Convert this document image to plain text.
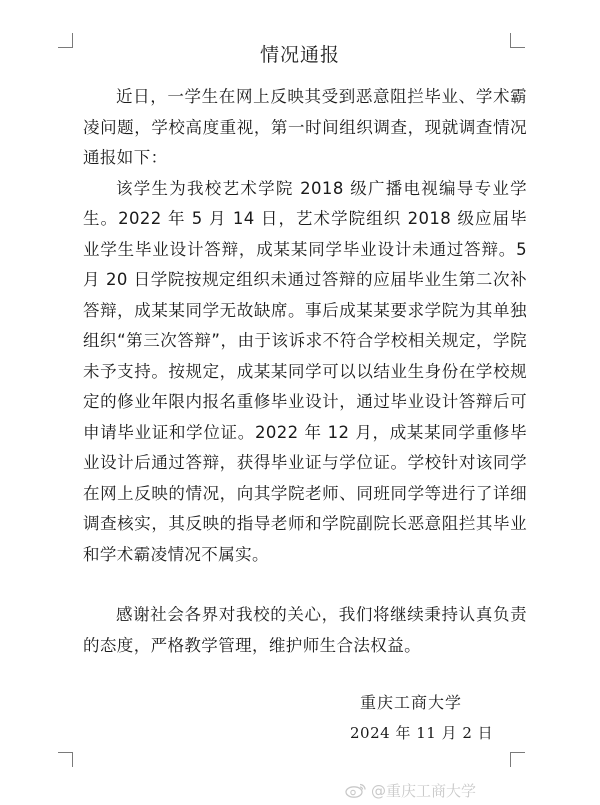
情况通报

近日，一学生在网上反映其受到恶意阻拦毕业、学术霸凌问题，学校高度重视，第一时间组织调查，现就调查情况通报如下：

该学生为我校艺术学院 2018 级广播电视编导专业学生。2022 年 5 月 14 日，艺术学院组织 2018 级应届毕业学生毕业设计答辩，成某某同学毕业设计未通过答辩。5 月 20 日学院按规定组织未通过答辩的应届毕业生第二次补答辩，成某某同学无故缺席。事后成某某要求学院为其单独组织“第三次答辩”，由于该诉求不符合学校相关规定，学院未予支持。按规定，成某某同学可以以结业生身份在学校规定的修业年限内报名重修毕业设计，通过毕业设计答辩后可申请毕业证和学位证。2022 年 12 月，成某某同学重修毕业设计后通过答辩，获得毕业证与学位证。学校针对该同学在网上反映的情况，向其学院老师、同班同学等进行了详细调查核实，其反映的指导老师和学院副院长恶意阻拦其毕业和学术霸凌情况不属实。

感谢社会各界对我校的关心，我们将继续秉持认真负责的态度，严格教学管理，维护师生合法权益。

重庆工商大学
2024 年 11 月 2 日
@重庆工商大学
